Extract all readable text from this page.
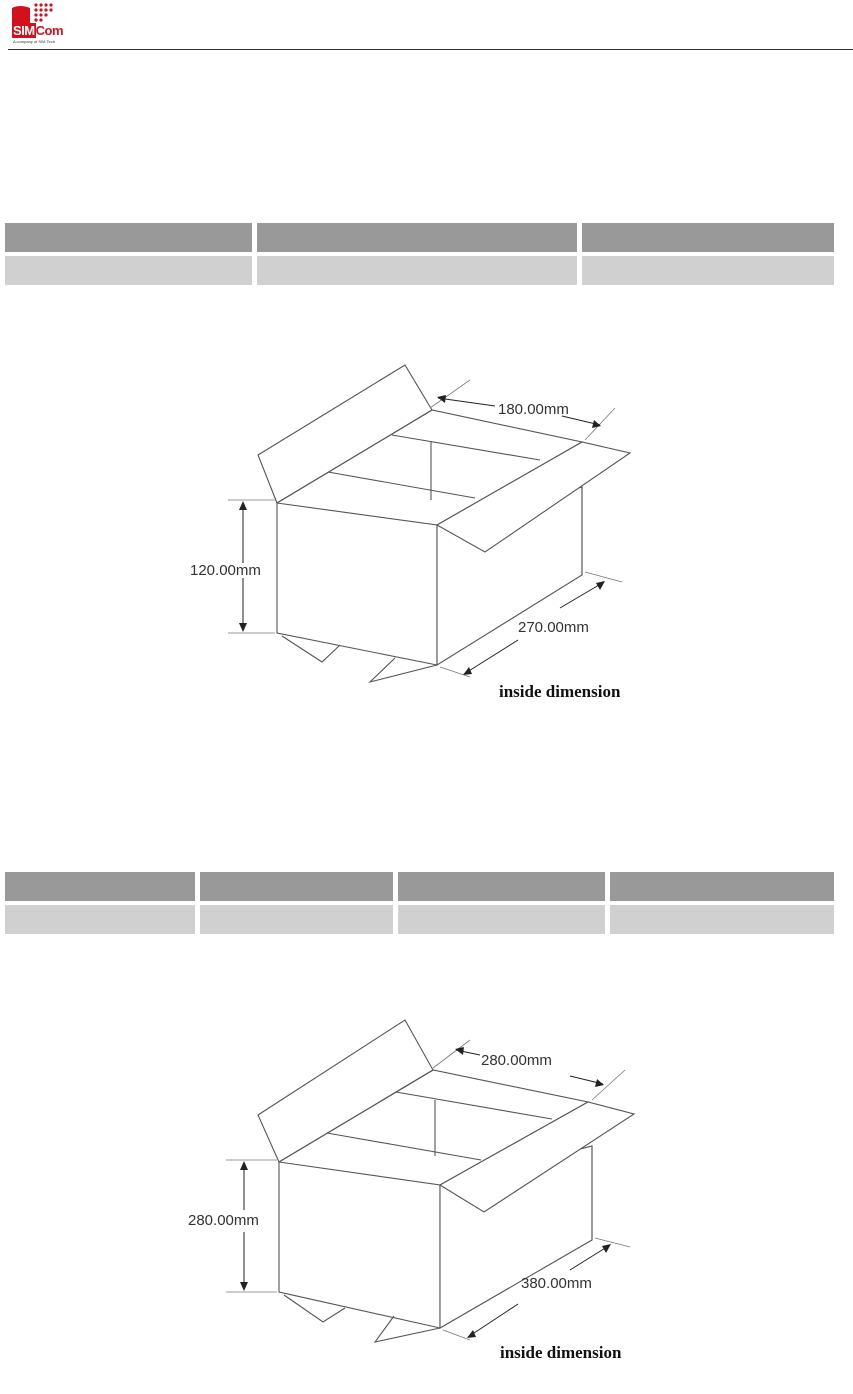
SIMCom
A company of SIM Tech
120.00mm
180.00mm
270.00mm
inside dimension
280.00mm
280.00mm
380.00mm
inside dimension
